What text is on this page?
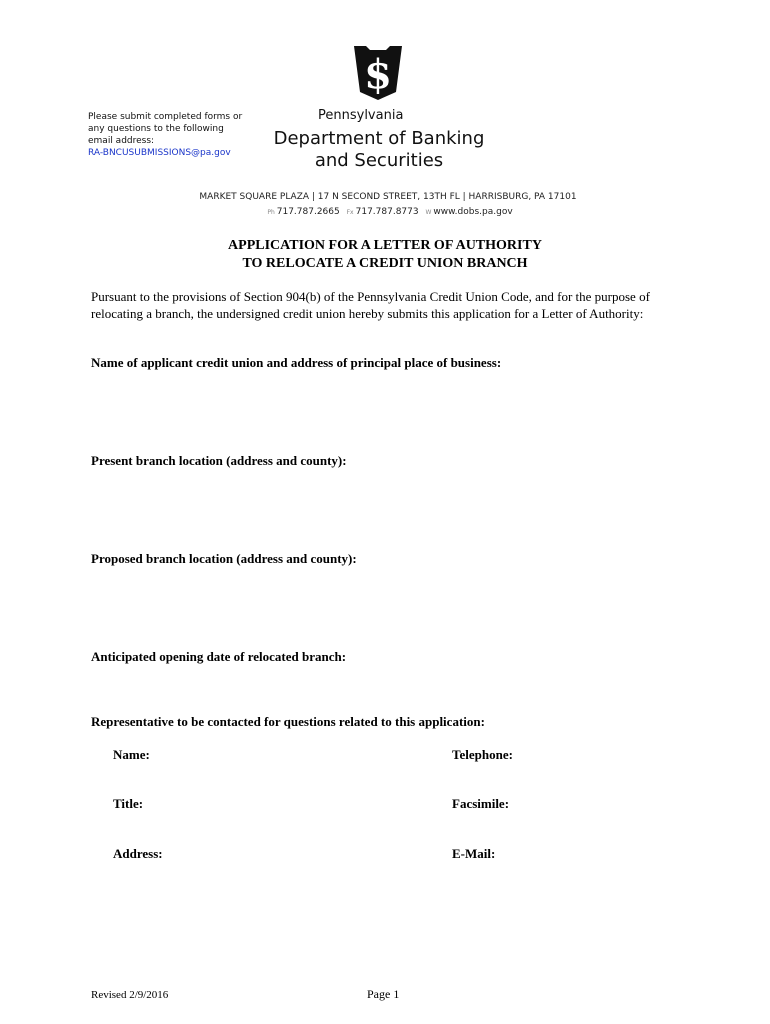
Please submit completed forms or
any questions to the following
email address:
RA-BNCUSUBMISSIONS@pa.gov
$
Pennsylvania
Department of Banking
and Securities
MARKET SQUARE PLAZA | 17 N SECOND STREET, 13TH FL | HARRISBURG, PA 17101
Ph 717.787.2665 Fx 717.787.8773 W www.dobs.pa.gov
APPLICATION FOR A LETTER OF AUTHORITY
TO RELOCATE A CREDIT UNION BRANCH
Pursuant to the provisions of Section 904(b) of the Pennsylvania Credit Union Code, and for the purpose of relocating a branch, the undersigned credit union hereby submits this application for a Letter of Authority:
Name of applicant credit union and address of principal place of business:
Present branch location (address and county):
Proposed branch location (address and county):
Anticipated opening date of relocated branch:
Representative to be contacted for questions related to this application:
Name:	Telephone:
Title:	Facsimile:
Address:	E-Mail:
Revised 2/9/2016	Page 1
